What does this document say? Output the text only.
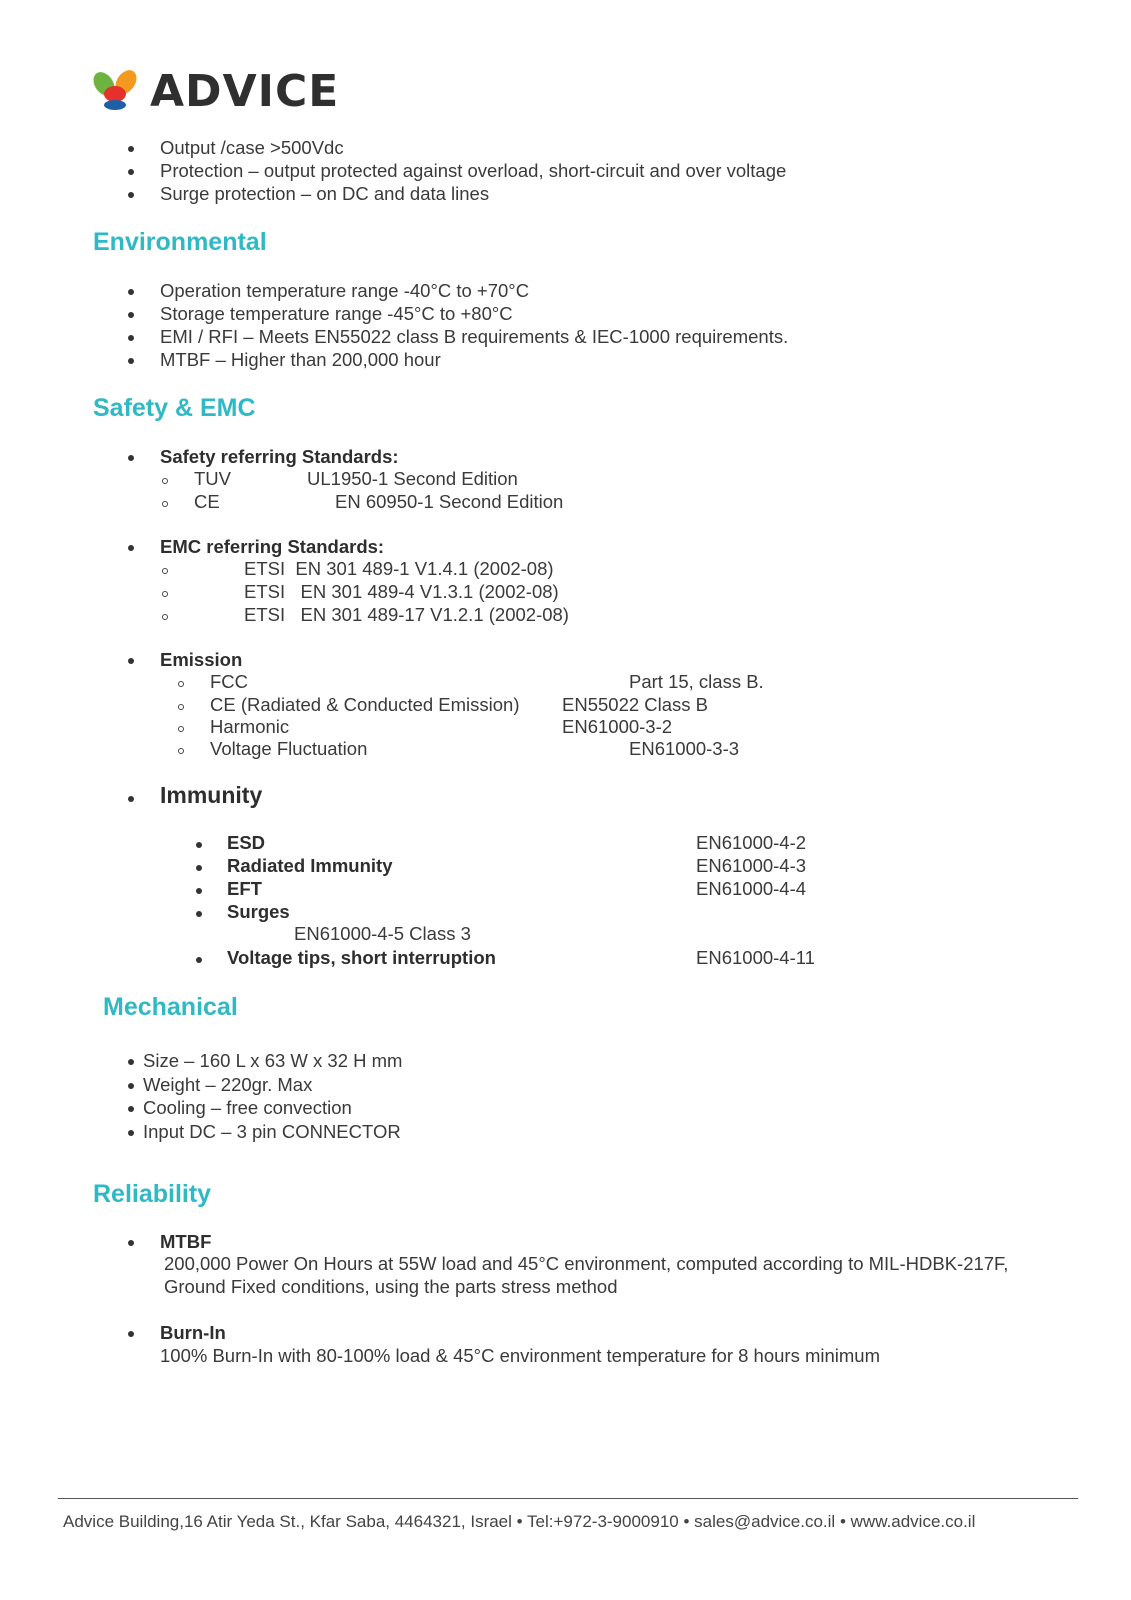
ADVICE
Output /case >500Vdc
Protection – output protected against overload, short-circuit and over voltage
Surge protection – on DC and data lines
Environmental
Operation temperature range -40°C to +70°C
Storage temperature range -45°C to +80°C
EMI / RFI – Meets EN55022 class B requirements & IEC-1000 requirements.
MTBF – Higher than 200,000 hour
Safety & EMC
Safety referring Standards:
TUV	UL1950-1 Second Edition
CE	EN 60950-1 Second Edition
EMC referring Standards:
ETSI  EN 301 489-1 V1.4.1 (2002-08)
ETSI   EN 301 489-4 V1.3.1 (2002-08)
ETSI   EN 301 489-17 V1.2.1 (2002-08)
Emission
FCC	Part 15, class B.
CE (Radiated & Conducted Emission) EN55022 Class B
Harmonic	EN61000-3-2
Voltage Fluctuation	EN61000-3-3
Immunity
ESD	EN61000-4-2
Radiated Immunity	EN61000-4-3
EFT	EN61000-4-4
Surges
EN61000-4-5 Class 3
Voltage tips, short interruption	EN61000-4-11
Mechanical
Size – 160 L x 63 W x 32 H mm
Weight – 220gr. Max
Cooling – free convection
Input DC – 3 pin CONNECTOR
Reliability
MTBF
200,000 Power On Hours at 55W load and 45°C environment, computed according to MIL-HDBK-217F, Ground Fixed conditions, using the parts stress method
Burn-In
100% Burn-In with 80-100% load & 45°C environment temperature for 8 hours minimum
Advice Building,16 Atir Yeda St., Kfar Saba, 4464321, Israel • Tel:+972-3-9000910 • sales@advice.co.il • www.advice.co.il
